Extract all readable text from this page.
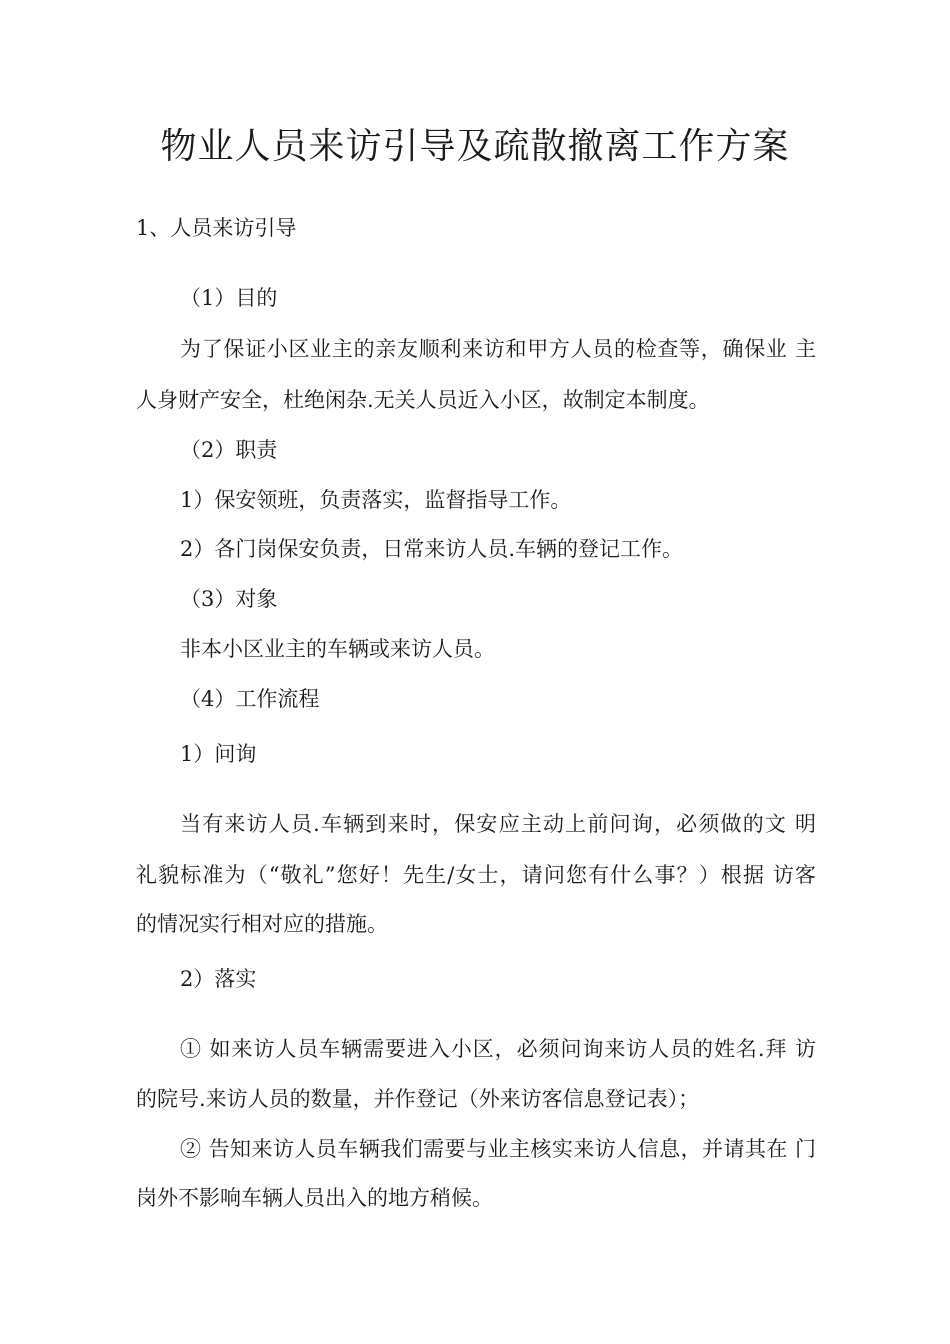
物业人员来访引导及疏散撤离工作方案

1、人员来访引导

（1）目的

为了保证小区业主的亲友顺利来访和甲方人员的检查等，确保业 主

人身财产安全，杜绝闲杂.无关人员近入小区，故制定本制度。

（2）职责

1）保安领班，负责落实，监督指导工作。

2）各门岗保安负责，日常来访人员.车辆的登记工作。

（3）对象

非本小区业主的车辆或来访人员。

（4）工作流程

1）问询

当有来访人员.车辆到来时，保安应主动上前问询，必须做的文 明

礼貌标准为（“敬礼”您好！先生/女士，请问您有什么事？）根据 访客

的情况实行相对应的措施。

2）落实

① 如来访人员车辆需要进入小区，必须问询来访人员的姓名.拜 访

的院号.来访人员的数量，并作登记（外来访客信息登记表）；

② 告知来访人员车辆我们需要与业主核实来访人信息，并请其在 门

岗外不影响车辆人员出入的地方稍候。
